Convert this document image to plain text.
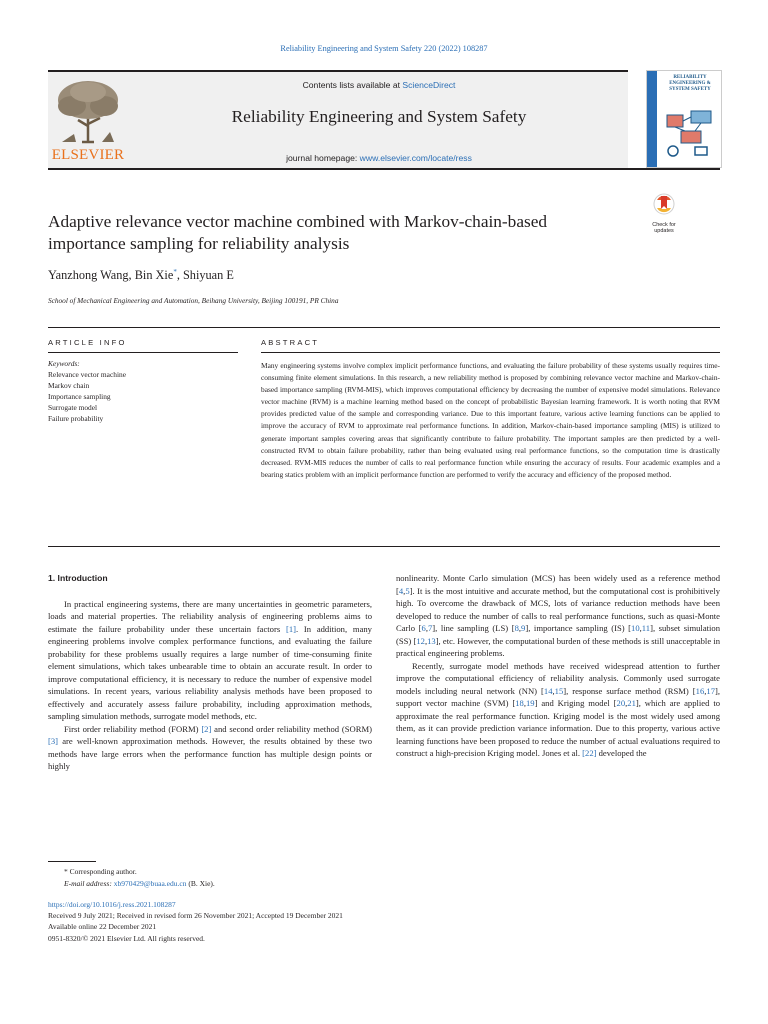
Reliability Engineering and System Safety 220 (2022) 108287
ELSEVIER
Contents lists available at ScienceDirect
Reliability Engineering and System Safety
journal homepage: www.elsevier.com/locate/ress
RELIABILITY ENGINEERING & SYSTEM SAFETY
Adaptive relevance vector machine combined with Markov-chain-based importance sampling for reliability analysis
Check for updates
Yanzhong Wang, Bin Xie*, Shiyuan E
School of Mechanical Engineering and Automation, Beihang University, Beijing 100191, PR China
ARTICLE INFO
Keywords:
Relevance vector machine
Markov chain
Importance sampling
Surrogate model
Failure probability
ABSTRACT
Many engineering systems involve complex implicit performance functions, and evaluating the failure probability of these systems usually requires time-consuming finite element simulations. In this research, a new reliability method is proposed by combining relevance vector machine and Markov-chain-based importance sampling (RVM-MIS), which improves computational efficiency by decreasing the number of expensive model simulations. Relevance vector machine (RVM) is a machine learning method based on the concept of probabilistic Bayesian learning framework. It is worth noting that RVM provides predicted value of the sample and corresponding variance. Due to this important feature, various active learning functions can be applied to improve the accuracy of RVM to approximate real performance functions. In addition, Markov-chain-based importance sampling (MIS) is utilized to generate important samples covering areas that significantly contribute to failure probability. The important samples are then predicted by a well-constructed RVM to obtain failure probability, rather than being evaluated using real performance functions, so the computation time is drastically decreased. RVM-MIS reduces the number of calls to real performance function while ensuring the accuracy of results. Four academic examples and a bearing statics problem with an implicit performance function are performed to verify the accuracy and efficiency of the proposed method.
1. Introduction

In practical engineering systems, there are many uncertainties in geometric parameters, loads and material properties. The reliability analysis of engineering problems aims to estimate the failure probability under these uncertain factors [1]. In addition, many engineering problems involve complex performance functions, and evaluating the failure probability for these problems usually requires a large number of time-consuming finite element simulations, which takes unbearable time to obtain an accurate result. In order to improve computational efficiency, it is necessary to reduce the number of expensive model simulations. In recent years, various reliability analysis methods have been proposed to effectively and accurately assess failure probability, including approximation methods, sampling simulation methods, surrogate model methods, etc.

First order reliability method (FORM) [2] and second order reliability method (SORM) [3] are well-known approximation methods. However, the results obtained by these two methods have large errors when the performance function has multiple design points or highly

nonlinearity. Monte Carlo simulation (MCS) has been widely used as a reference method [4,5]. It is the most intuitive and accurate method, but the computational cost is prohibitively high. To overcome the drawback of MCS, lots of variance reduction methods have been developed to reduce the number of calls to real performance functions, such as quasi-Monte Carlo [6,7], line sampling (LS) [8,9], importance sampling (IS) [10,11], subset simulation (SS) [12,13], etc. However, the computational burden of these methods is still unacceptable in practical engineering problems.

Recently, surrogate model methods have received widespread attention to further improve the computational efficiency of reliability analysis. Commonly used surrogate models including neural network (NN) [14,15], response surface method (RSM) [16,17], support vector machine (SVM) [18,19] and Kriging model [20,21], which are applied to approximate the real performance function. Kriging model is the most widely used among them, as it can provide prediction variance information. Due to this property, various active learning functions have been proposed to reduce the number of actual evaluations required to construct a high-precision Kriging model. Jones et al. [22] developed the

* Corresponding author.
E-mail address: xb970429@buaa.edu.cn (B. Xie).
https://doi.org/10.1016/j.ress.2021.108287
Received 9 July 2021; Received in revised form 26 November 2021; Accepted 19 December 2021
Available online 22 December 2021
0951-8320/© 2021 Elsevier Ltd. All rights reserved.
